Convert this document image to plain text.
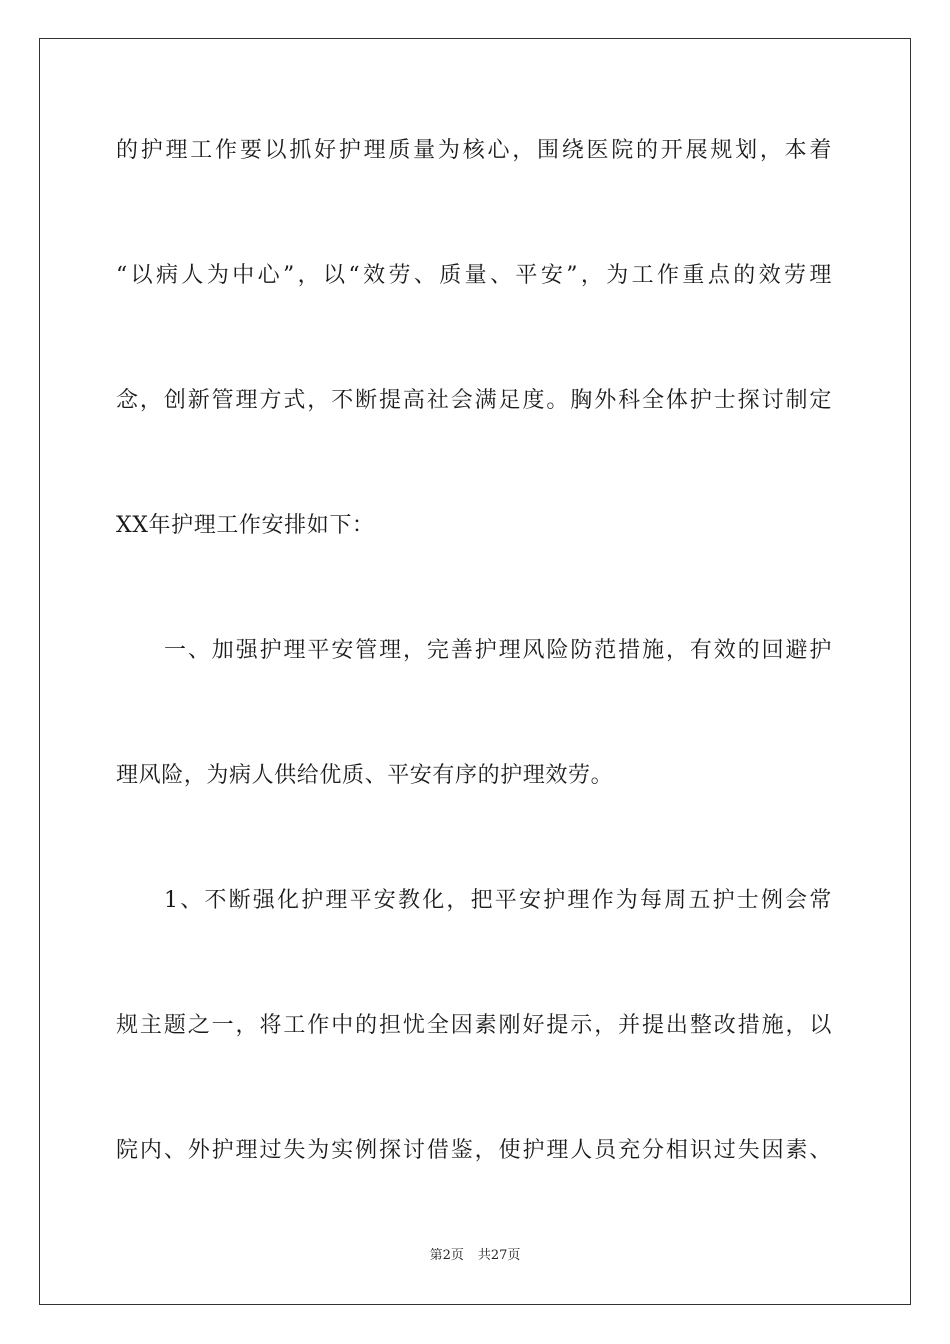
的护理工作要以抓好护理质量为核心，围绕医院的开展规划，本着
“以病人为中心”，以“效劳、质量、平安”，为工作重点的效劳理
念，创新管理方式，不断提高社会满足度。胸外科全体护士探讨制定
XX年护理工作安排如下：
一、加强护理平安管理，完善护理风险防范措施，有效的回避护
理风险，为病人供给优质、平安有序的护理效劳。
1、不断强化护理平安教化，把平安护理作为每周五护士例会常
规主题之一，将工作中的担忧全因素刚好提示，并提出整改措施，以
院内、外护理过失为实例探讨借鉴，使护理人员充分相识过失因素、
第2页 共27页
